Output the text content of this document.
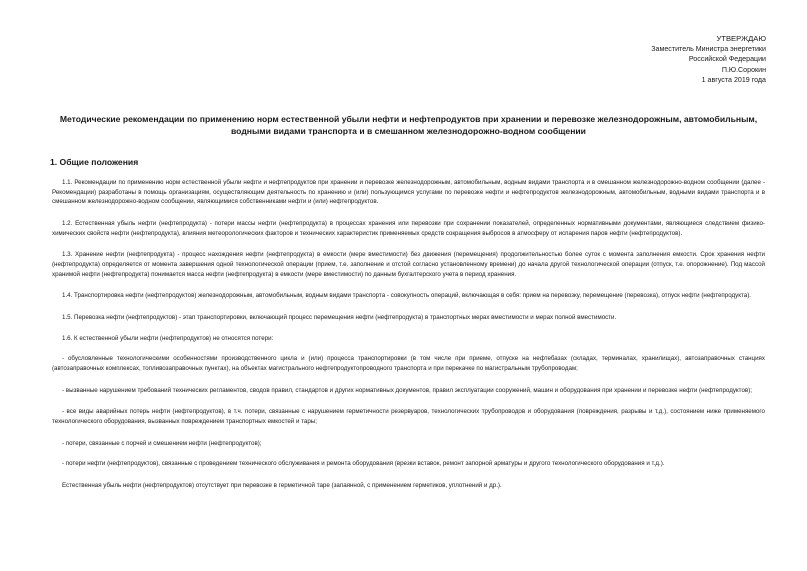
УТВЕРЖДАЮ
Заместитель Министра энергетики
Российской Федерации
П.Ю.Сорокин
1 августа 2019 года
Методические рекомендации по применению норм естественной убыли нефти и нефтепродуктов при хранении и перевозке железнодорожным, автомобильным,
водными видами транспорта и в смешанном железнодорожно-водном сообщении
1. Общие положения

1.1. Рекомендации по применению норм естественной убыли нефти и нефтепродуктов при хранении и перевозке железнодорожным, автомобильным, водным видами транспорта и в смешанном железнодорожно-водном сообщении (далее - Рекомендации) разработаны в помощь организациям, осуществляющим деятельность по хранению и (или) пользующимся услугами по перевозке нефти и нефтепродуктов железнодорожным, автомобильным, водными видами транспорта и в смешанном железнодорожно-водном сообщении, являющимися собственниками нефти и (или) нефтепродуктов.

1.2. Естественная убыль нефти (нефтепродукта) - потери массы нефти (нефтепродукта) в процессах хранения или перевозки при сохранении показателей, определенных нормативными документами, являющиеся следствием физико-химических свойств нефти (нефтепродукта), влияния метеорологических факторов и технических характеристик применяемых средств сокращения выбросов в атмосферу от испарения паров нефти (нефтепродуктов).

1.3. Хранение нефти (нефтепродукта) - процесс нахождения нефти (нефтепродукта) в емкости (мере вместимости) без движения (перемещения) продолжительностью более суток с момента заполнения емкости. Срок хранения нефти (нефтепродукта) определяется от момента завершения одной технологической операции (прием, т.е. заполнение и отстой согласно установленному времени) до начала другой технологической операции (отпуск, т.е. опорожнение). Под массой хранимой нефти (нефтепродукта) понимается масса нефти (нефтепродукта) в емкости (мере вместимости) по данным бухгалтерского учета в период хранения.

1.4. Транспортировка нефти (нефтепродуктов) железнодорожным, автомобильным, водным видами транспорта - совокупность операций, включающая в себя: прием на перевозку, перемещение (перевозка), отпуск нефти (нефтепродукта).

1.5. Перевозка нефти (нефтепродуктов) - этап транспортировки, включающий процесс перемещения нефти (нефтепродукта) в транспортных мерах вместимости и мерах полной вместимости.

1.6. К естественной убыли нефти (нефтепродуктов) не относятся потери:

- обусловленные технологическими особенностями производственного цикла и (или) процесса транспортировки (в том числе при приеме, отпуске на нефтебазах (складах, терминалах, хранилищах), автозаправочных станциях (автозаправочных комплексах, топливозаправочных пунктах), на объектах магистрального нефтепродуктопроводного транспорта и при перекачке по магистральным трубопроводам;

- вызванные нарушением требований технических регламентов, сводов правил, стандартов и других нормативных документов, правил эксплуатации сооружений, машин и оборудования при хранении и перевозке нефти (нефтепродуктов);

- все виды аварийных потерь нефти (нефтепродуктов), в т.ч. потери, связанные с нарушением герметичности резервуаров, технологических трубопроводов и оборудования (повреждения, разрывы и т.д.), состоянием ниже применяемого технологического оборудования, вызванных повреждением транспортных емкостей и тары;

- потери, связанные с порчей и смешением нефти (нефтепродуктов);

- потери нефти (нефтепродуктов), связанные с проведением технического обслуживания и ремонта оборудования (врезки вставок, ремонт запорной арматуры и другого технологического оборудования и т.д.).

Естественная убыль нефти (нефтепродуктов) отсутствует при перевозке в герметичной таре (запаянной, с применением герметиков, уплотнений и др.).
